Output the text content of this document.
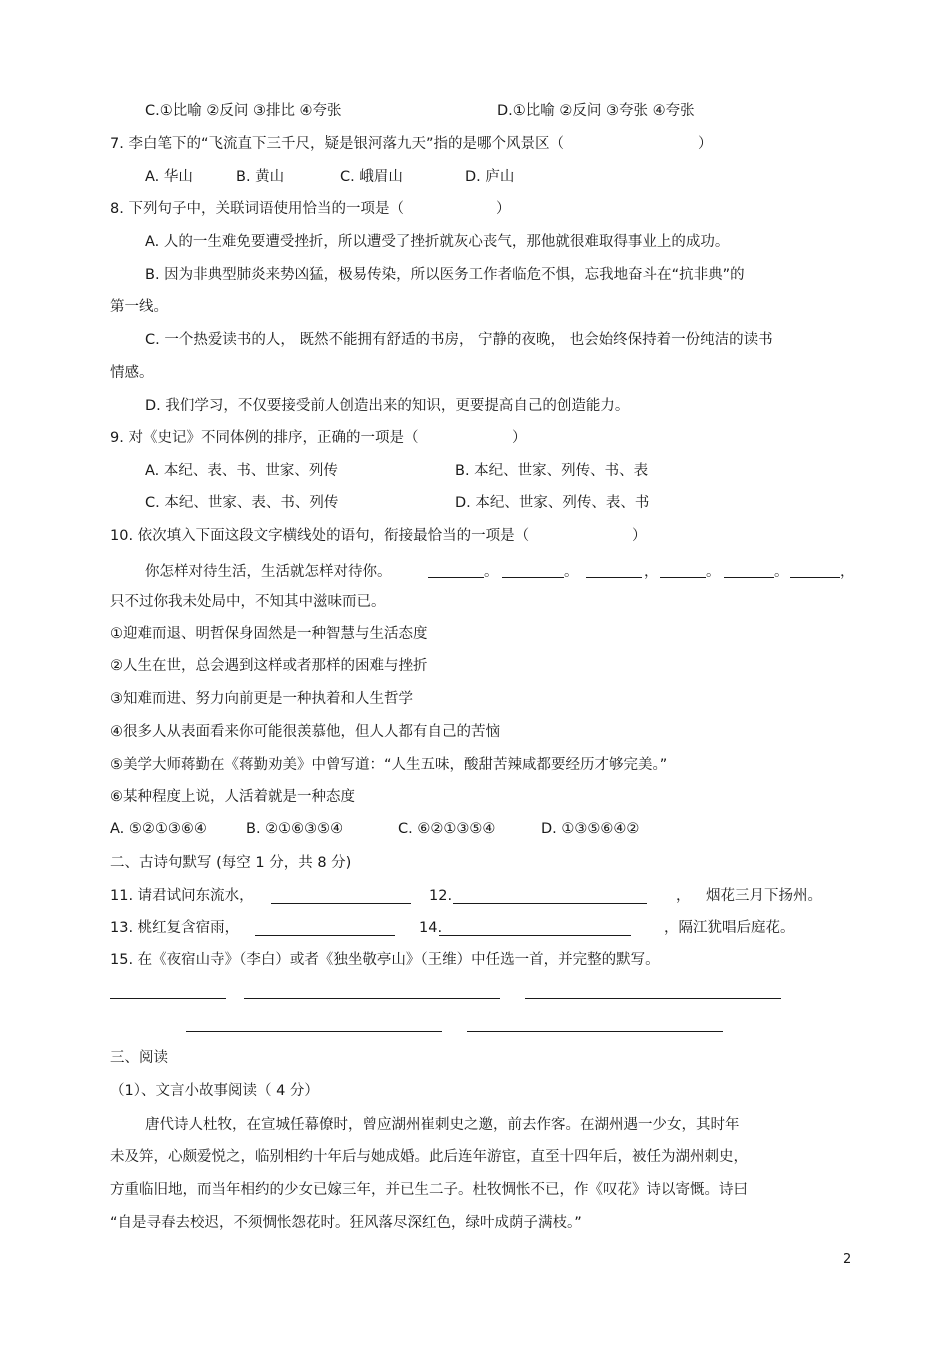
C.①比喻 ②反问 ③排比 ④夸张	D.①比喻 ②反问 ③夸张 ④夸张
7. 李白笔下的“飞流直下三千尺，疑是银河落九天”指的是哪个风景区（	）
A. 华山	B. 黄山	C. 峨眉山	D. 庐山
8. 下列句子中，关联词语使用恰当的一项是（	）
A. 人的一生难免要遭受挫折，所以遭受了挫折就灰心丧气，那他就很难取得事业上的成功。
B. 因为非典型肺炎来势凶猛，极易传染，所以医务工作者临危不惧，忘我地奋斗在“抗非典”的
第一线。
C. 一个热爱读书的人， 既然不能拥有舒适的书房， 宁静的夜晚， 也会始终保持着一份纯洁的读书
情感。
D. 我们学习，不仅要接受前人创造出来的知识，更要提高自己的创造能力。
9. 对《史记》不同体例的排序，正确的一项是（	）
A. 本纪、表、书、世家、列传	B. 本纪、世家、列传、书、表
C. 本纪、世家、表、书、列传	D. 本纪、世家、列传、表、书
10. 依次填入下面这段文字横线处的语句，衔接最恰当的一项是（	）
你怎样对待生活，生活就怎样对待你。	。	。	，	。	。	，
只不过你我未处局中，不知其中滋味而已。
①迎难而退、明哲保身固然是一种智慧与生活态度
②人生在世，总会遇到这样或者那样的困难与挫折
③知难而进、努力向前更是一种执着和人生哲学
④很多人从表面看来你可能很羡慕他，但人人都有自己的苦恼
⑤美学大师蒋勤在《蒋勤劝美》中曾写道：“人生五味，酸甜苦辣咸都要经历才够完美。”
⑥某种程度上说，人活着就是一种态度
A. ⑤②①③⑥④	B. ②①⑥③⑤④	C. ⑥②①③⑤④	D. ①③⑤⑥④②
二、古诗句默写 (每空 1 分，共 8 分)
11. 请君试问东流水，	12.	， 烟花三月下扬州。
13. 桃红复含宿雨，	14.	，隔江犹唱后庭花。
15. 在《夜宿山寺》（李白）或者《独坐敬亭山》（王维）中任选一首，并完整的默写。
三、阅读
（1）、文言小故事阅读（ 4 分）
唐代诗人杜牧，在宣城任幕僚时，曾应湖州崔刺史之邀，前去作客。在湖州遇一少女，其时年
未及笄，心颇爱悦之，临别相约十年后与她成婚。此后连年游宦，直至十四年后，被任为湖州刺史，
方重临旧地，而当年相约的少女已嫁三年，并已生二子。杜牧惆怅不已，作《叹花》诗以寄慨。诗曰
“自是寻春去校迟，不须惆怅怨花时。狂风落尽深红色，绿叶成荫子满枝。”
2
